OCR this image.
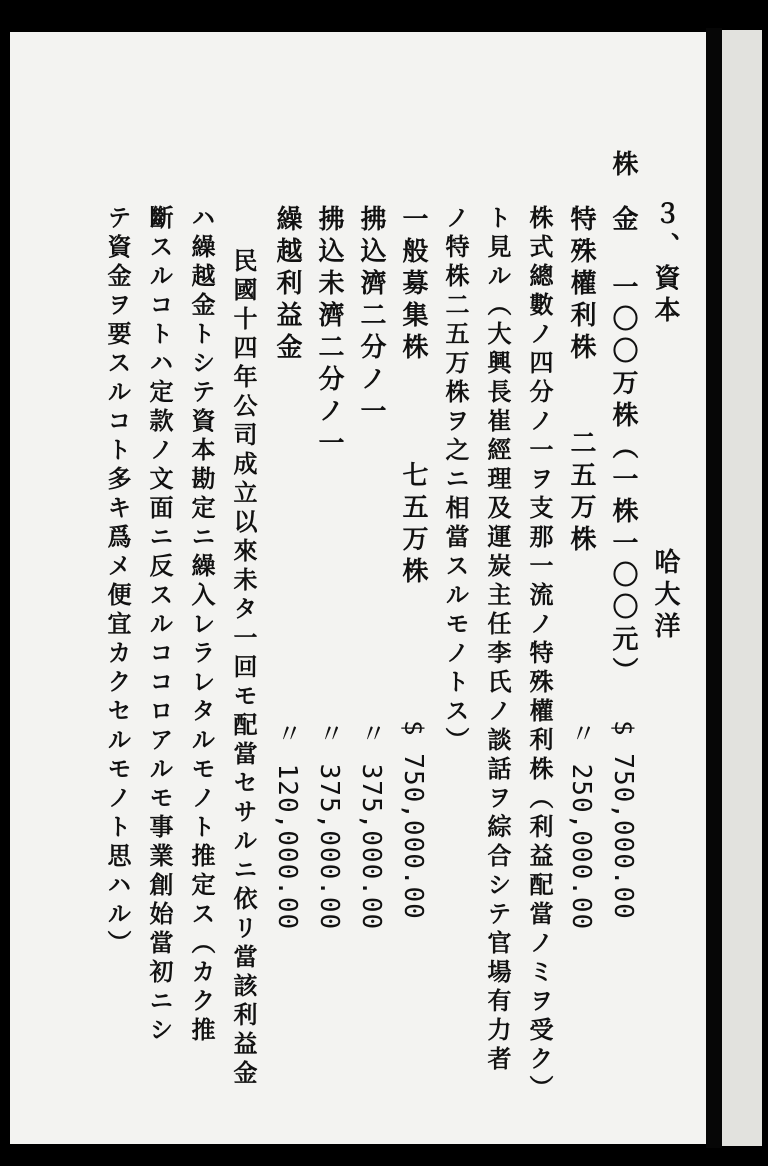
株
３、資本
哈大洋
金 一〇〇万株（一株一〇〇元）
特殊權利株　　二五万株
株式總數ノ四分ノ一ヲ支那一流ノ特殊權利株（利益配當ノミヲ受ク）
ト見ル（大興長崔經理及運炭主任李氏ノ談話ヲ綜合シテ官場有力者
ノ特株二五万株ヲ之ニ相當スルモノトス）
一般募集株　　　七五万株
拂込濟二分ノ一
拂込未濟二分ノ一
繰越利益金
民國十四年公司成立以來未タ一回モ配當セサルニ依リ當該利益金
ハ繰越金トシテ資本勘定ニ繰入レラレタルモノト推定ス（カク推
斷スルコトハ定款ノ文面ニ反スルココロアルモ事業創始當初ニシ
テ資金ヲ要スルコト多キ爲メ便宜カクセルモノト思ハル）	$ 750,000.00
〃 250,000.00
$ 750,000.00
〃 375,000.00
〃 375,000.00
〃 120,000.00
